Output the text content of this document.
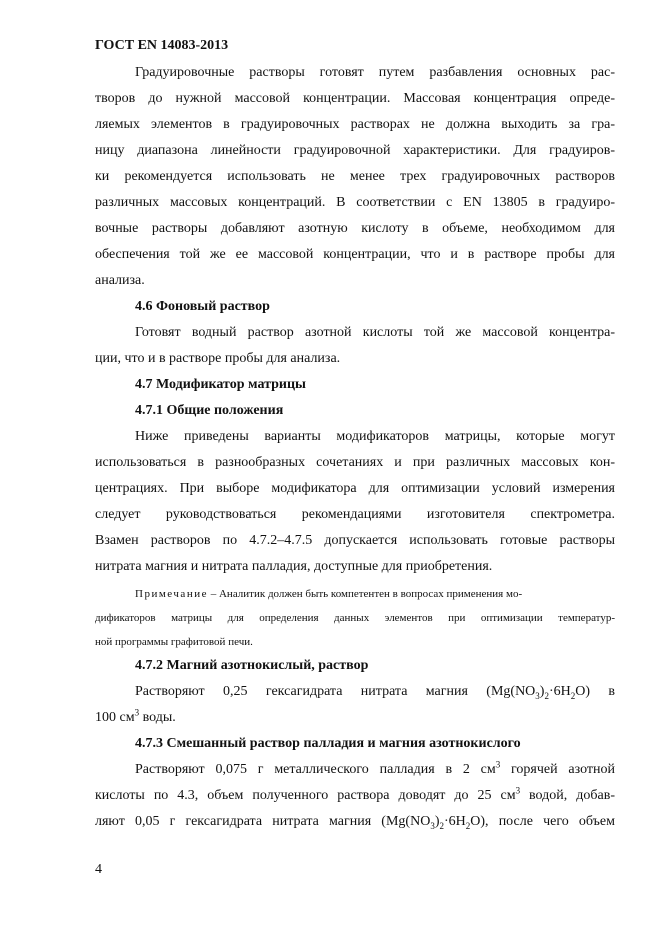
ГОСТ EN 14083-2013
Градуировочные растворы готовят путем разбавления основных рас-
творов до нужной массовой концентрации. Массовая концентрация опреде-
ляемых элементов в градуировочных растворах не должна выходить за гра-
ницу диапазона линейности градуировочной характеристики. Для градуиров-
ки рекомендуется использовать не менее трех градуировочных растворов
различных массовых концентраций. В соответствии с EN 13805 в градуиро-
вочные растворы добавляют азотную кислоту в объеме, необходимом для
обеспечения той же ее массовой концентрации, что и в растворе пробы для
анализа.
4.6 Фоновый раствор
Готовят водный раствор азотной кислоты той же массовой концентра-
ции, что и в растворе пробы для анализа.
4.7 Модификатор матрицы
4.7.1 Общие положения
Ниже приведены варианты модификаторов матрицы, которые могут
использоваться в разнообразных сочетаниях и при различных массовых кон-
центрациях. При выборе модификатора для оптимизации условий измерения
следует руководствоваться рекомендациями изготовителя спектрометра.
Взамен растворов по 4.7.2–4.7.5 допускается использовать готовые растворы
нитрата магния и нитрата палладия, доступные для приобретения.
Примечание – Аналитик должен быть компетентен в вопросах применения мо-
дификаторов матрицы для определения данных элементов при оптимизации температур-
ной программы графитовой печи.
4.7.2 Магний азотнокислый, раствор
Растворяют 0,25 гексагидрата нитрата магния $(Mg(NO_3)_2\cdot 6H_2O)$ в
100 $см^3$ воды.
4.7.3 Смешанный раствор палладия и магния азотнокислого
Растворяют 0,075 г металлического палладия в 2 $см^3$ горячей азотной
кислоты по 4.3, объем полученного раствора доводят до 25 $см^3$ водой, добав-
ляют 0,05 г гексагидрата нитрата магния $(Mg(NO_3)_2\cdot 6H_2O)$, после чего объем
4
